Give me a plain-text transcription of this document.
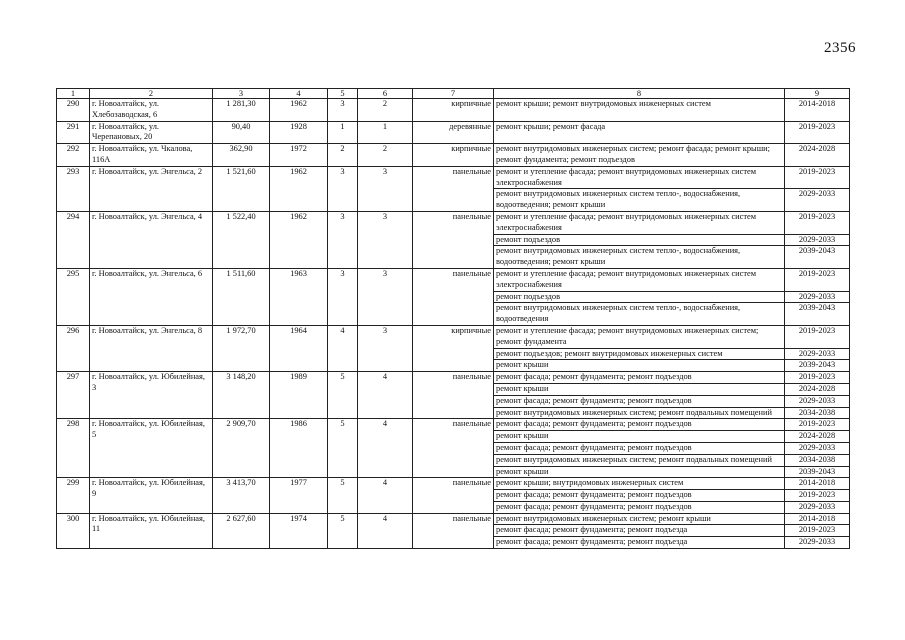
2356
1	2	3	4	5	6	7	8	9
290	г. Новоалтайск, ул. Хлебозаводская, 6	1 281,30	1962	3	2	кирпичные	ремонт крыши; ремонт внутридомовых инженерных систем	2014-2018
291	г. Новоалтайск, ул. Черепановых, 20	90,40	1928	1	1	деревянные	ремонт крыши; ремонт фасада	2019-2023
292	г. Новоалтайск, ул. Чкалова, 116А	362,90	1972	2	2	кирпичные	ремонт внутридомовых инженерных систем; ремонт фасада; ремонт крыши; ремонт фундамента; ремонт подъездов	2024-2028
293	г. Новоалтайск, ул. Энгельса, 2	1 521,60	1962	3	3	панельные	ремонт и утепление фасада; ремонт внутридомовых инженерных систем электроснабжения	2019-2023
							ремонт внутридомовых инженерных систем тепло-, водоснабжения, водоотведения; ремонт крыши	2029-2033
294	г. Новоалтайск, ул. Энгельса, 4	1 522,40	1962	3	3	панельные	ремонт и утепление фасада; ремонт внутридомовых инженерных систем электроснабжения	2019-2023
							ремонт подъездов	2029-2033
							ремонт внутридомовых инженерных систем тепло-, водоснабжения, водоотведения; ремонт крыши	2039-2043
295	г. Новоалтайск, ул. Энгельса, 6	1 511,60	1963	3	3	панельные	ремонт и утепление фасада; ремонт внутридомовых инженерных систем электроснабжения	2019-2023
							ремонт подъездов	2029-2033
							ремонт внутридомовых инженерных систем тепло-, водоснабжения, водоотведения	2039-2043
296	г. Новоалтайск, ул. Энгельса, 8	1 972,70	1964	4	3	кирпичные	ремонт и утепление фасада; ремонт внутридомовых инженерных систем; ремонт фундамента	2019-2023
							ремонт подъездов; ремонт внутридомовых инженерных систем	2029-2033
							ремонт крыши	2039-2043
297	г. Новоалтайск, ул. Юбилейная, 3	3 148,20	1989	5	4	панельные	ремонт фасада; ремонт фундамента; ремонт подъездов	2019-2023
							ремонт крыши	2024-2028
							ремонт фасада; ремонт фундамента; ремонт подъездов	2029-2033
							ремонт внутридомовых инженерных систем; ремонт подвальных помещений	2034-2038
298	г. Новоалтайск, ул. Юбилейная, 5	2 909,70	1986	5	4	панельные	ремонт фасада; ремонт фундамента; ремонт подъездов	2019-2023
							ремонт крыши	2024-2028
							ремонт фасада; ремонт фундамента; ремонт подъездов	2029-2033
							ремонт внутридомовых инженерных систем; ремонт подвальных помещений	2034-2038
							ремонт крыши	2039-2043
299	г. Новоалтайск, ул. Юбилейная, 9	3 413,70	1977	5	4	панельные	ремонт крыши; внутридомовых инженерных систем	2014-2018
							ремонт фасада; ремонт фундамента; ремонт подъездов	2019-2023
							ремонт фасада; ремонт фундамента; ремонт подъездов	2029-2033
300	г. Новоалтайск, ул. Юбилейная, 11	2 627,60	1974	5	4	панельные	ремонт внутридомовых инженерных систем; ремонт крыши	2014-2018
							ремонт фасада; ремонт фундамента; ремонт подъезда	2019-2023
							ремонт фасада; ремонт фундамента; ремонт подъезда	2029-2033
